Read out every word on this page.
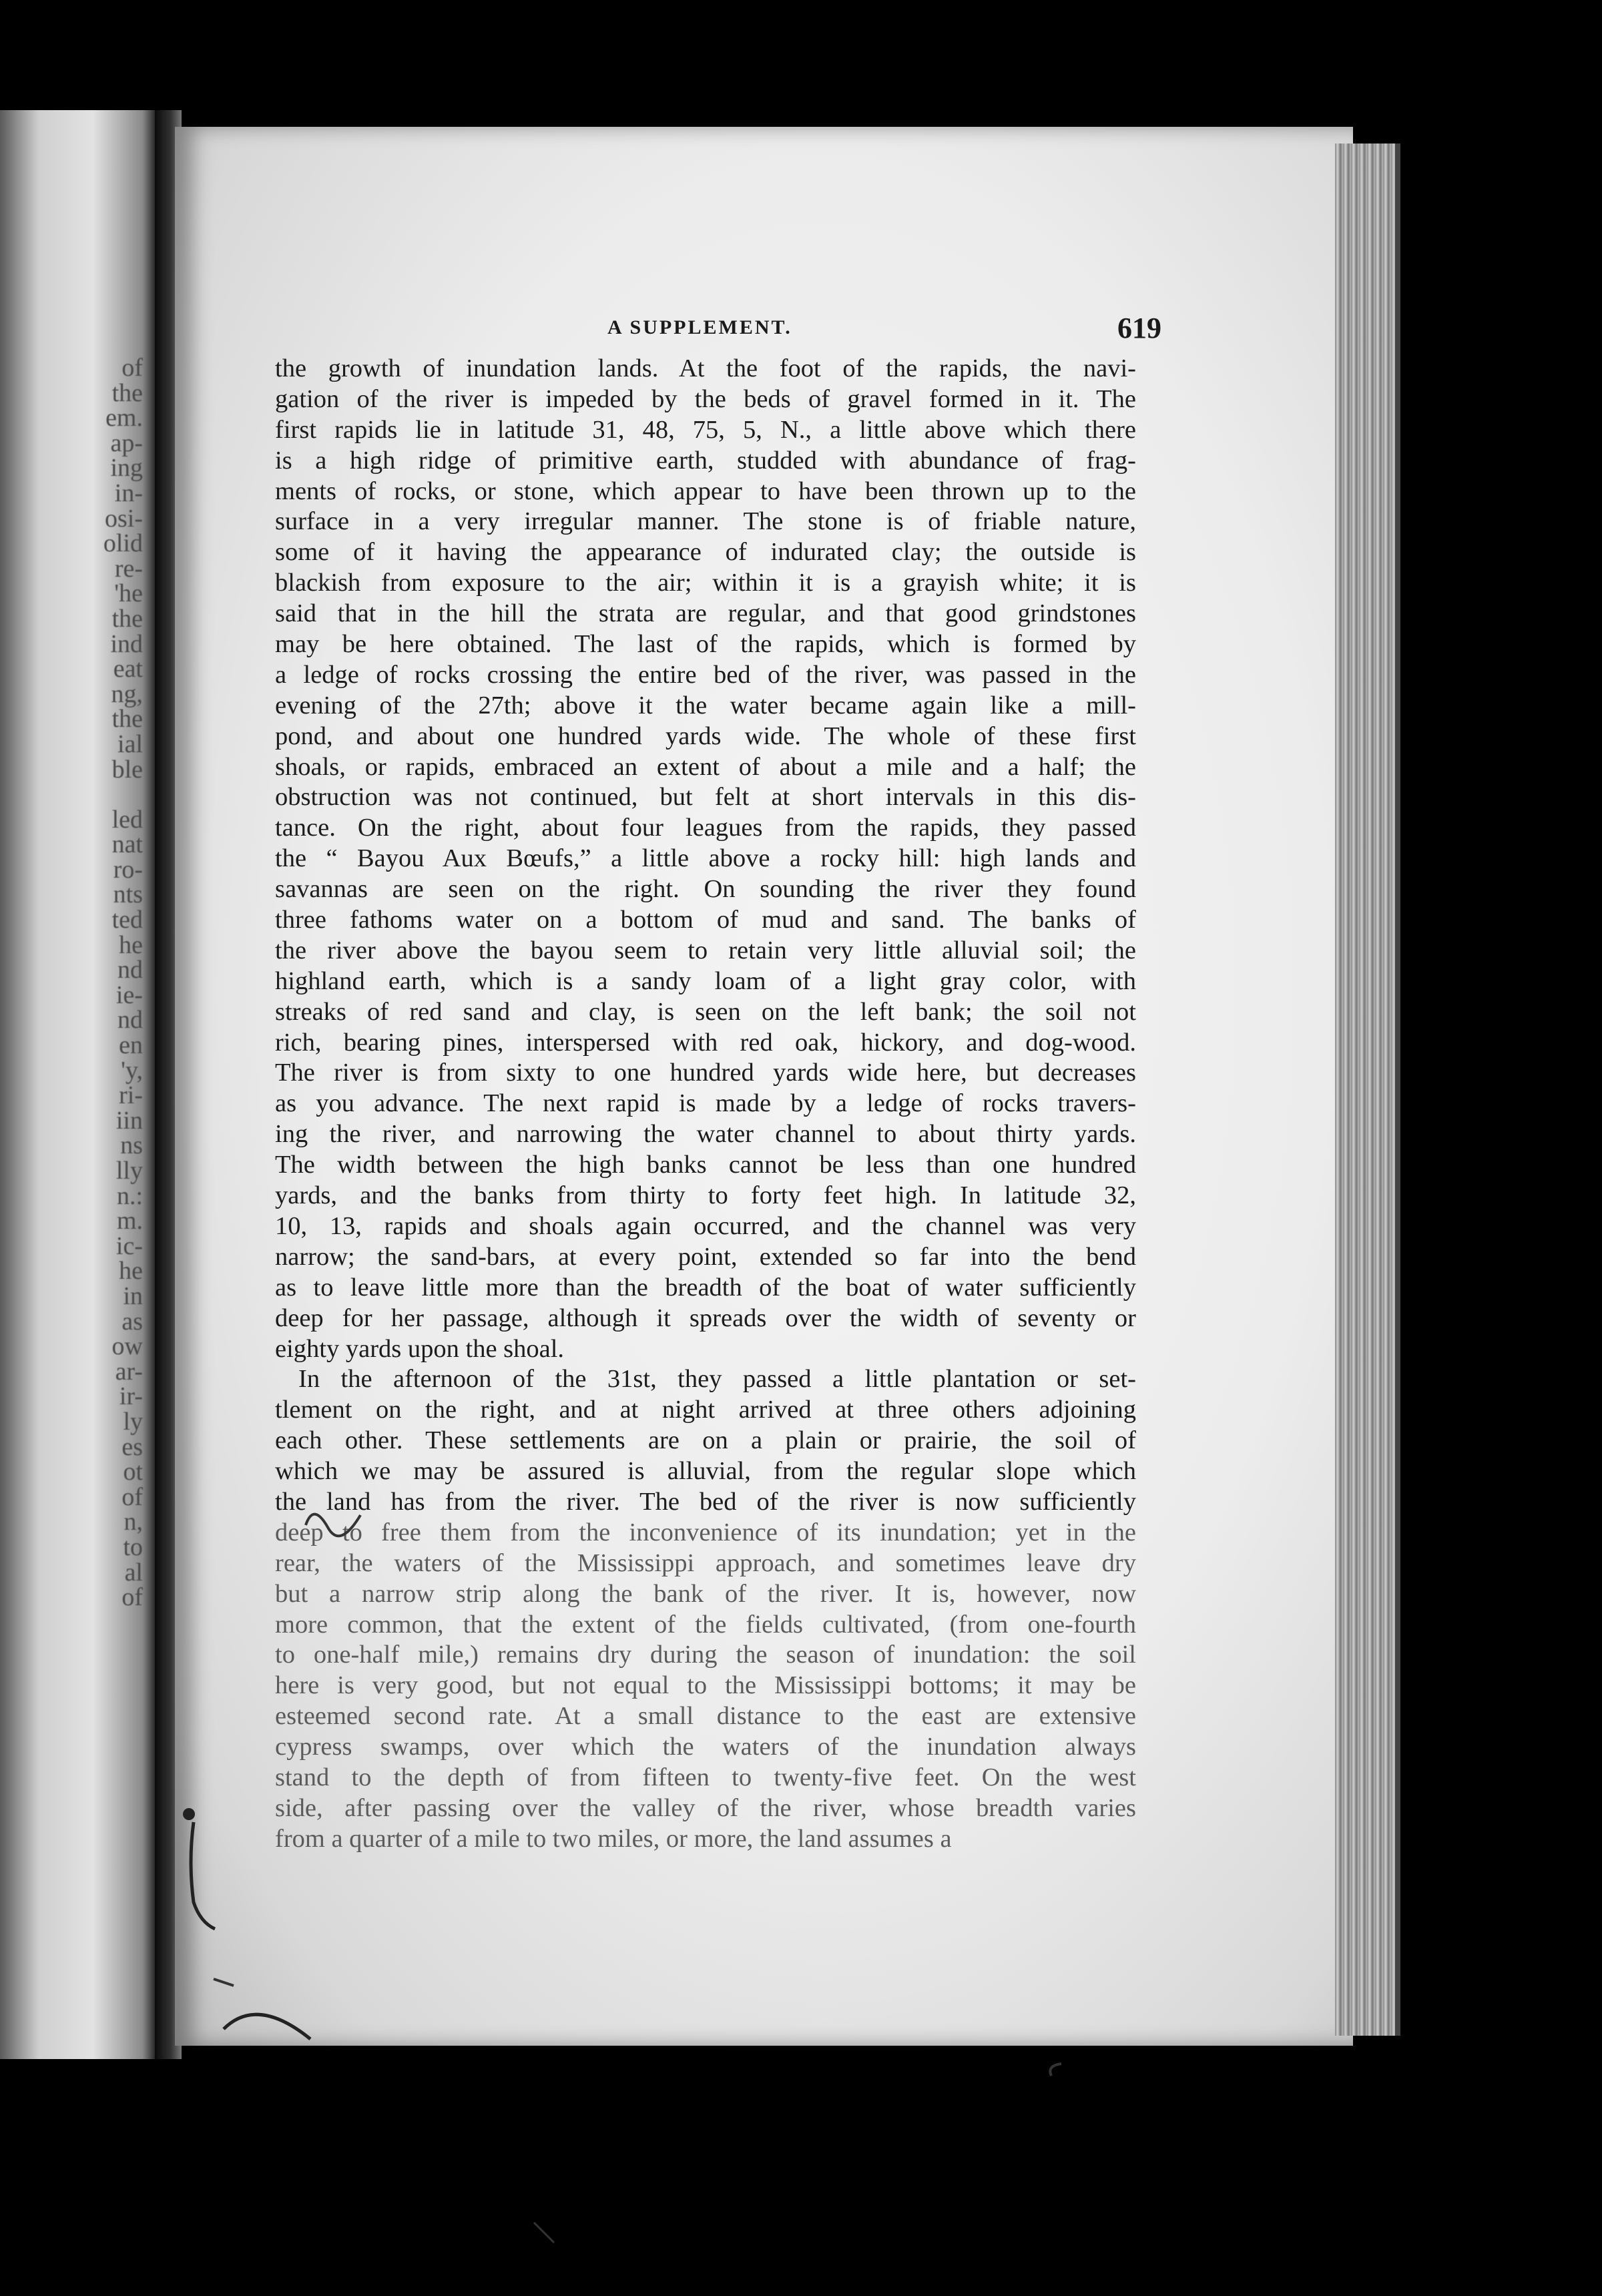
of
the
em.
ap-
ing
in-
osi-
olid
re-
'he
the
ind
eat
ng,
the
ial
ble
led
nat
ro-
nts
ted
he
nd
ie-
nd
en
'y,
ri-
iin
ns
lly
n.:
m.
ic-
he
in
as
ow
ar-
ir-
ly
es
ot
of
n,
to
al
of
A SUPPLEMENT.	619
the growth of inundation lands. At the foot of the rapids, the navi-
gation of the river is impeded by the beds of gravel formed in it. The
first rapids lie in latitude 31, 48, 75, 5, N., a little above which there
is a high ridge of primitive earth, studded with abundance of frag-
ments of rocks, or stone, which appear to have been thrown up to the
surface in a very irregular manner. The stone is of friable nature,
some of it having the appearance of indurated clay; the outside is
blackish from exposure to the air; within it is a grayish white; it is
said that in the hill the strata are regular, and that good grindstones
may be here obtained. The last of the rapids, which is formed by
a ledge of rocks crossing the entire bed of the river, was passed in the
evening of the 27th; above it the water became again like a mill-
pond, and about one hundred yards wide. The whole of these first
shoals, or rapids, embraced an extent of about a mile and a half; the
obstruction was not continued, but felt at short intervals in this dis-
tance. On the right, about four leagues from the rapids, they passed
the “ Bayou Aux Bœufs,” a little above a rocky hill: high lands and
savannas are seen on the right. On sounding the river they found
three fathoms water on a bottom of mud and sand. The banks of
the river above the bayou seem to retain very little alluvial soil; the
highland earth, which is a sandy loam of a light gray color, with
streaks of red sand and clay, is seen on the left bank; the soil not
rich, bearing pines, interspersed with red oak, hickory, and dog-wood.
The river is from sixty to one hundred yards wide here, but decreases
as you advance. The next rapid is made by a ledge of rocks travers-
ing the river, and narrowing the water channel to about thirty yards.
The width between the high banks cannot be less than one hundred
yards, and the banks from thirty to forty feet high. In latitude 32,
10, 13, rapids and shoals again occurred, and the channel was very
narrow; the sand-bars, at every point, extended so far into the bend
as to leave little more than the breadth of the boat of water sufficiently
deep for her passage, although it spreads over the width of seventy or
eighty yards upon the shoal.
In the afternoon of the 31st, they passed a little plantation or set-
tlement on the right, and at night arrived at three others adjoining
each other. These settlements are on a plain or prairie, the soil of
which we may be assured is alluvial, from the regular slope which
the land has from the river. The bed of the river is now sufficiently
deep to free them from the inconvenience of its inundation; yet in the
rear, the waters of the Mississippi approach, and sometimes leave dry
but a narrow strip along the bank of the river. It is, however, now
more common, that the extent of the fields cultivated, (from one-fourth
to one-half mile,) remains dry during the season of inundation: the soil
here is very good, but not equal to the Mississippi bottoms; it may be
esteemed second rate. At a small distance to the east are extensive
cypress swamps, over which the waters of the inundation always
stand to the depth of from fifteen to twenty-five feet. On the west
side, after passing over the valley of the river, whose breadth varies
from a quarter of a mile to two miles, or more, the land assumes a
